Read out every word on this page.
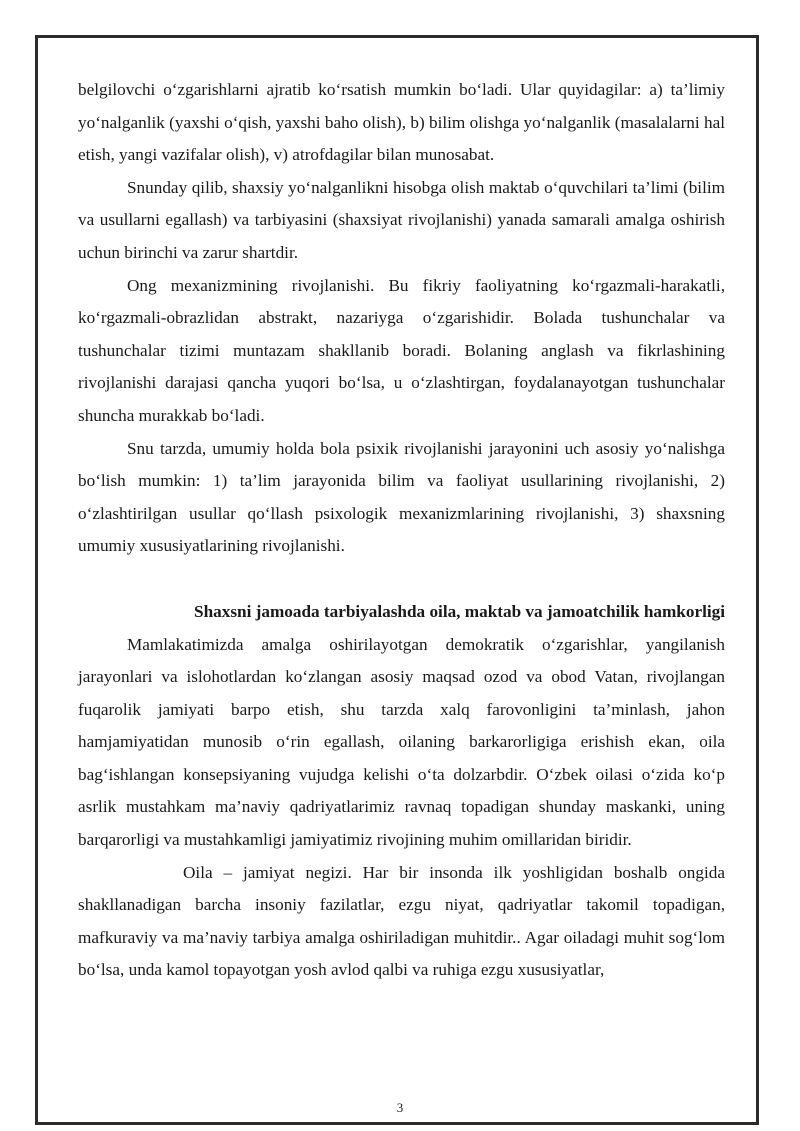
belgilovchi o‘zgarishlarni ajratib ko‘rsatish mumkin bo‘ladi. Ular quyidagilar: a) ta’limiy yo‘nalganlik (yaxshi o‘qish, yaxshi baho olish), b) bilim olishga yo‘nalganlik (masalalarni hal etish, yangi vazifalar olish), v) atrofdagilar bilan munosabat.

Snunday qilib, shaxsiy yo‘nalganlikni hisobga olish maktab o‘quvchilari ta’limi (bilim va usullarni egallash) va tarbiyasini (shaxsiyat rivojlanishi) yanada samarali amalga oshirish uchun birinchi va zarur shartdir.

Ong mexanizmining rivojlanishi. Bu fikriy faoliyatning ko‘rgazmali-harakatli, ko‘rgazmali-obrazlidan abstrakt, nazariyga o‘zgarishidir. Bolada tushunchalar va tushunchalar tizimi muntazam shakllanib boradi. Bolaning anglash va fikrlashining rivojlanishi darajasi qancha yuqori bo‘lsa, u o‘zlashtirgan, foydalanayotgan tushunchalar shuncha murakkab bo‘ladi.

Snu tarzda, umumiy holda bola psixik rivojlanishi jarayonini uch asosiy yo‘nalishga bo‘lish mumkin: 1) ta’lim jarayonida bilim va faoliyat usullarining rivojlanishi, 2) o‘zlashtirilgan usullar qo‘llash psixologik mexanizmlarining rivojlanishi, 3) shaxsning umumiy xususiyatlarining rivojlanishi.

Shaxsni jamoada tarbiyalashda oila, maktab va jamoatchilik hamkorligi

Mamlakatimizda amalga oshirilayotgan demokratik o‘zgarishlar, yangilanish jarayonlari va islohotlardan ko‘zlangan asosiy maqsad ozod va obod Vatan, rivojlangan fuqarolik jamiyati barpo etish, shu tarzda xalq farovonligini ta’minlash, jahon hamjamiyatidan munosib o‘rin egallash, oilaning barkarorligiga erishish ekan, oila bag‘ishlangan konsepsiyaning vujudga kelishi o‘ta dolzarbdir. O‘zbek oilasi o‘zida ko‘p asrlik mustahkam ma’naviy qadriyatlarimiz ravnaq topadigan shunday maskanki, uning barqarorligi va mustahkamligi jamiyatimiz rivojining muhim omillaridan biridir.

Oila – jamiyat negizi. Har bir insonda ilk yoshligidan boshalb ongida shakllanadigan barcha insoniy fazilatlar, ezgu niyat, qadriyatlar takomil topadigan, mafkuraviy va ma’naviy tarbiya amalga oshiriladigan muhitdir.. Agar oiladagi muhit sog‘lom bo‘lsa, unda kamol topayotgan yosh avlod qalbi va ruhiga ezgu xususiyatlar,

3
